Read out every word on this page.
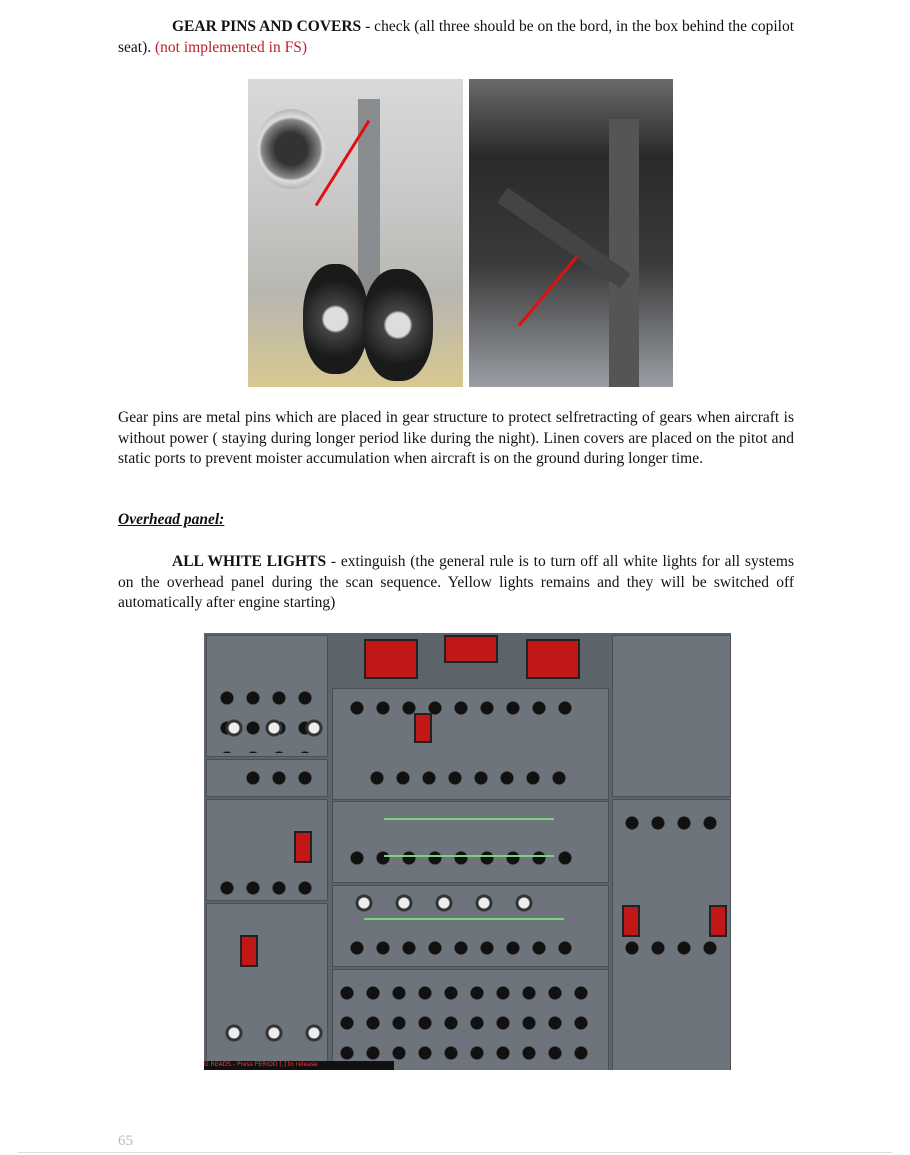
GEAR PINS AND COVERS - check (all three should be on the bord, in the box behind the copilot seat). (not implemented in FS)
Gear pins are metal pins which are placed in gear structure to protect selfretracting of gears when aircraft is without power ( staying during longer period like during the night). Linen covers are placed on the pitot and static ports to prevent moister accumulation when aircraft is on the ground during longer time.
Overhead panel:
ALL WHITE LIGHTS - extinguish (the general rule is to turn off all white lights for all systems on the overhead panel during the scan sequence. Yellow lights remains and they will be switched off automatically after engine starting)
G READS - Press PERIOD [.] to release
65
